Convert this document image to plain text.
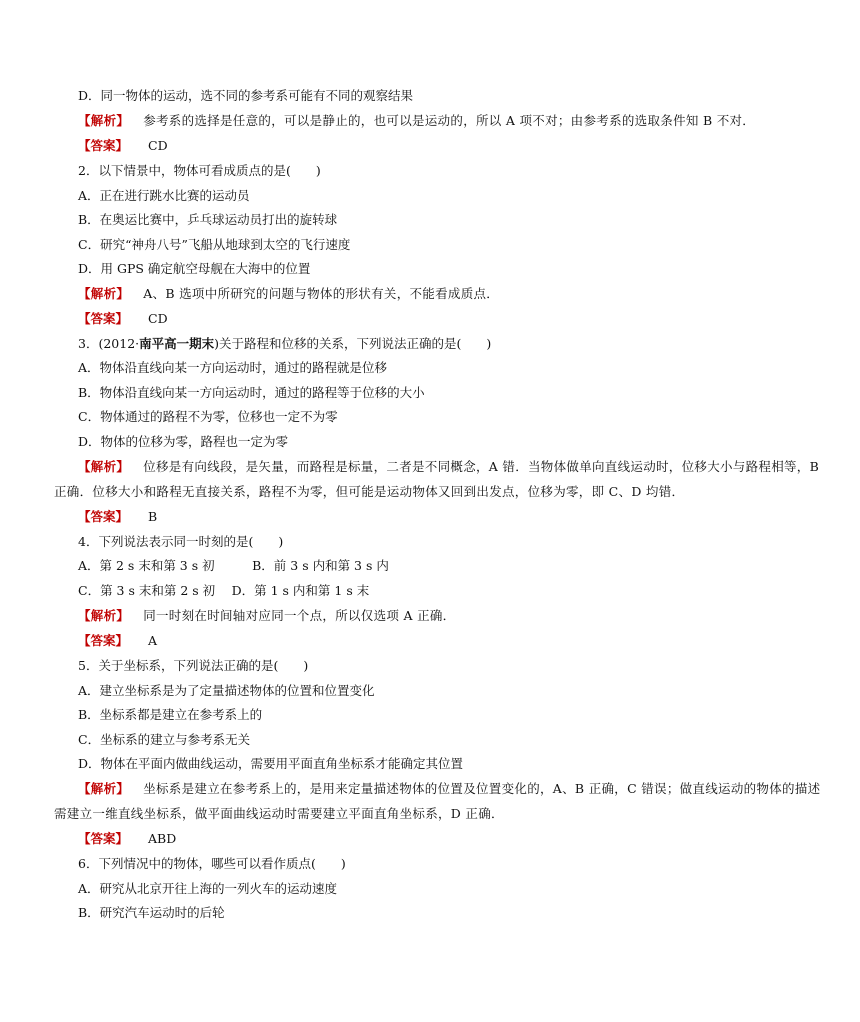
D．同一物体的运动，选不同的参考系可能有不同的观察结果
【解析】 参考系的选择是任意的，可以是静止的，也可以是运动的，所以 A 项不对；由参考系的选取条件知 B 不对．
【答案】 CD
2．以下情景中，物体可看成质点的是(　　)
A．正在进行跳水比赛的运动员
B．在奥运比赛中，乒乓球运动员打出的旋转球
C．研究“神舟八号”飞船从地球到太空的飞行速度
D．用 GPS 确定航空母舰在大海中的位置
【解析】 A、B 选项中所研究的问题与物体的形状有关，不能看成质点．
【答案】 CD
3．(2012·南平高一期末)关于路程和位移的关系，下列说法正确的是(　　)
A．物体沿直线向某一方向运动时，通过的路程就是位移
B．物体沿直线向某一方向运动时，通过的路程等于位移的大小
C．物体通过的路程不为零，位移也一定不为零
D．物体的位移为零，路程也一定为零
【解析】 位移是有向线段，是矢量，而路程是标量，二者是不同概念，A 错．当物体做单向直线运动时，位移大小与路程相等，B
正确．位移大小和路程无直接关系，路程不为零，但可能是运动物体又回到出发点，位移为零，即 C、D 均错．
【答案】 B
4．下列说法表示同一时刻的是(　　)
A．第 2 s 末和第 3 s 初　　　B．前 3 s 内和第 3 s 内
C．第 3 s 末和第 2 s 初　 D．第 1 s 内和第 1 s 末
【解析】 同一时刻在时间轴对应同一个点，所以仅选项 A 正确．
【答案】 A
5．关于坐标系，下列说法正确的是(　　)
A．建立坐标系是为了定量描述物体的位置和位置变化
B．坐标系都是建立在参考系上的
C．坐标系的建立与参考系无关
D．物体在平面内做曲线运动，需要用平面直角坐标系才能确定其位置
【解析】 坐标系是建立在参考系上的，是用来定量描述物体的位置及位置变化的，A、B 正确，C 错误；做直线运动的物体的描述
需建立一维直线坐标系，做平面曲线运动时需要建立平面直角坐标系，D 正确．
【答案】 ABD
6．下列情况中的物体，哪些可以看作质点(　　)
A．研究从北京开往上海的一列火车的运动速度
B．研究汽车运动时的后轮
